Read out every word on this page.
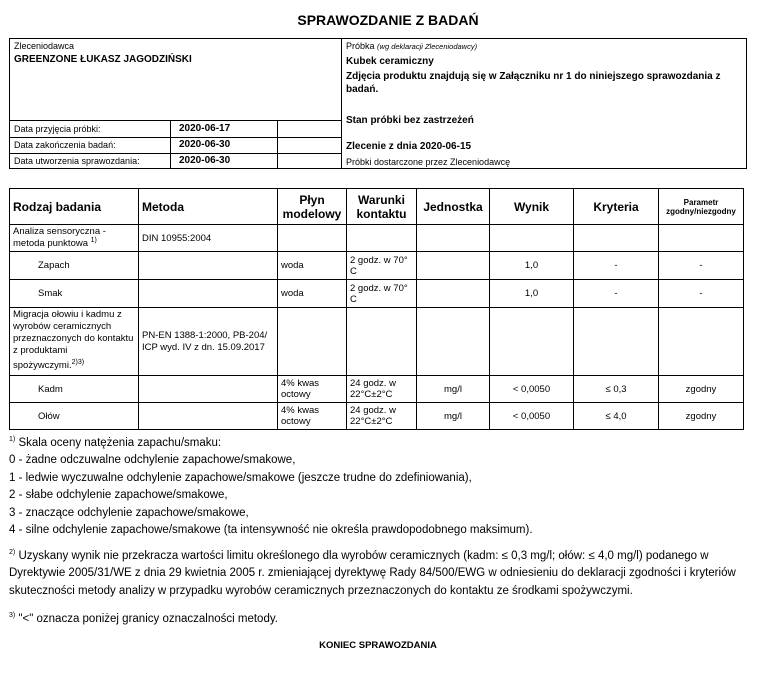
SPRAWOZDANIE Z BADAŃ
Zleceniodawca
GREENZONE ŁUKASZ JAGODZIŃSKI
Data przyjęcia próbki:	2020-06-17
Data zakończenia badań:	2020-06-30
Data utworzenia sprawozdania:	2020-06-30
Próbka (wg deklaracji Zleceniodawcy)
Kubek ceramiczny
Zdjęcia produktu znajdują się w Załączniku nr 1 do niniejszego sprawozdania z badań.
Stan próbki bez zastrzeżeń
Zlecenie z dnia 2020-06-15
Próbki dostarczone przez Zleceniodawcę
Rodzaj badania	Metoda	Płyn modelowy	Warunki kontaktu	Jednostka	Wynik	Kryteria	Parametr zgodny/niezgodny
Analiza sensoryczna - metoda punktowa $^{1)}$	DIN 10955:2004						
Zapach		woda	2 godz. w 70° C		1,0	-	-
Smak		woda	2 godz. w 70° C		1,0	-	-
Migracja ołowiu i kadmu z wyrobów ceramicznych przeznaczonych do kontaktu z produktami spożywczymi.$^{2)3)}$	PN-EN 1388-1:2000, PB-204/ ICP wyd. IV z dn. 15.09.2017						
Kadm		4% kwas octowy	24 godz. w 22°C±2°C	mg/l	< 0,0050	≤ 0,3	zgodny
Ołów		4% kwas octowy	24 godz. w 22°C±2°C	mg/l	< 0,0050	≤ 4,0	zgodny
$^{1)}$ Skala oceny natężenia zapachu/smaku:
0 - żadne odczuwalne odchylenie zapachowe/smakowe,
1 - ledwie wyczuwalne odchylenie zapachowe/smakowe (jeszcze trudne do zdefiniowania),
2 - słabe odchylenie zapachowe/smakowe,
3 - znaczące odchylenie zapachowe/smakowe,
4 - silne odchylenie zapachowe/smakowe (ta intensywność nie określa prawdopodobnego maksimum).
$^{2)}$ Uzyskany wynik nie przekracza wartości limitu określonego dla wyrobów ceramicznych (kadm: ≤ 0,3 mg/l; ołów: ≤ 4,0 mg/l) podanego w Dyrektywie 2005/31/WE z dnia 29 kwietnia 2005 r. zmieniającej dyrektywę Rady 84/500/EWG w odniesieniu do deklaracji zgodności i kryteriów skuteczności metody analizy w przypadku wyrobów ceramicznych przeznaczonych do kontaktu ze środkami spożywczymi.
$^{3)}$ "<" oznacza poniżej granicy oznaczalności metody.
KONIEC SPRAWOZDANIA
